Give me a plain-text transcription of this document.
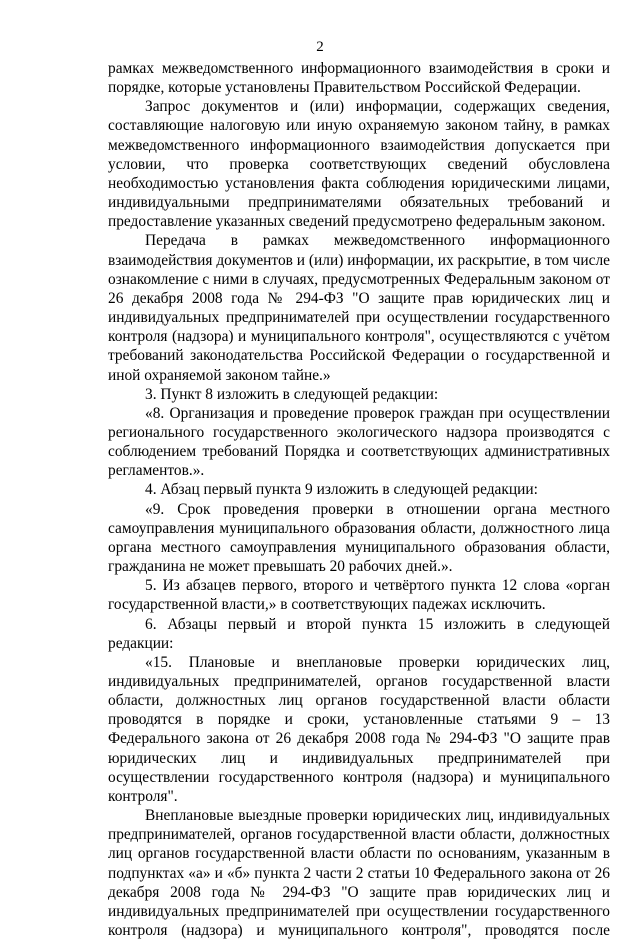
2

рамках межведомственного информационного взаимодействия в сроки и порядке, которые установлены Правительством Российской Федерации.

Запрос документов и (или) информации, содержащих сведения, составляющие налоговую или иную охраняемую законом тайну, в рамках межведомственного информационного взаимодействия допускается при условии, что проверка соответствующих сведений обусловлена необходимостью установления факта соблюдения юридическими лицами, индивидуальными предпринимателями обязательных требований и предоставление указанных сведений предусмотрено федеральным законом.

Передача в рамках межведомственного информационного взаимодействия документов и (или) информации, их раскрытие, в том числе ознакомление с ними в случаях, предусмотренных Федеральным законом от 26 декабря 2008 года № 294-ФЗ "О защите прав юридических лиц и индивидуальных предпринимателей при осуществлении государственного контроля (надзора) и муниципального контроля", осуществляются с учётом требований законодательства Российской Федерации о государственной и иной охраняемой законом тайне.»

3. Пункт 8 изложить в следующей редакции:

«8. Организация и проведение проверок граждан при осуществлении регионального государственного экологического надзора производятся с соблюдением требований Порядка и соответствующих административных регламентов.».

4. Абзац первый пункта 9 изложить в следующей редакции:

«9. Срок проведения проверки в отношении органа местного самоуправления муниципального образования области, должностного лица органа местного самоуправления муниципального образования области, гражданина не может превышать 20 рабочих дней.».

5. Из абзацев первого, второго и четвёртого пункта 12 слова «орган государственной власти,» в соответствующих падежах исключить.

6. Абзацы первый и второй пункта 15 изложить в следующей редакции:

«15. Плановые и внеплановые проверки юридических лиц, индивидуальных предпринимателей, органов государственной власти области, должностных лиц органов государственной власти области проводятся в порядке и сроки, установленные статьями 9 – 13 Федерального закона от 26 декабря 2008 года № 294-ФЗ "О защите прав юридических лиц и индивидуальных предпринимателей при осуществлении государственного контроля (надзора) и муниципального контроля".

Внеплановые выездные проверки юридических лиц, индивидуальных предпринимателей, органов государственной власти области, должностных лиц органов государственной власти области по основаниям, указанным в подпунктах «а» и «б» пункта 2 части 2 статьи 10 Федерального закона от 26 декабря 2008 года № 294-ФЗ "О защите прав юридических лиц и индивидуальных предпринимателей при осуществлении государственного контроля (надзора) и муниципального контроля", проводятся после
